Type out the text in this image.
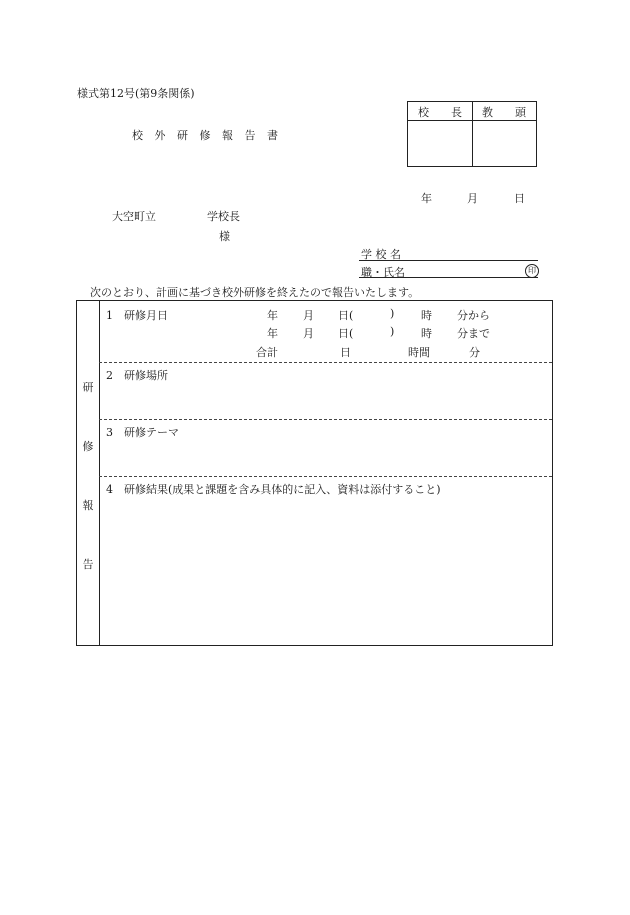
様式第12号(第9条関係)
校 外 研 修 報 告 書
校　　長 教　　頭
年	月	日
大空町立	学校長
様
学 校 名
職・氏名	印
次のとおり、計画に基づき校外研修を終えたので報告いたします。
研
修
報
告
1　研修月日	年 月 日(	) 時 分から
年 月 日(	) 時 分まで
合計	日	時間	分
2　研修場所
3　研修テーマ
4　研修結果(成果と課題を含み具体的に記入、資料は添付すること)
